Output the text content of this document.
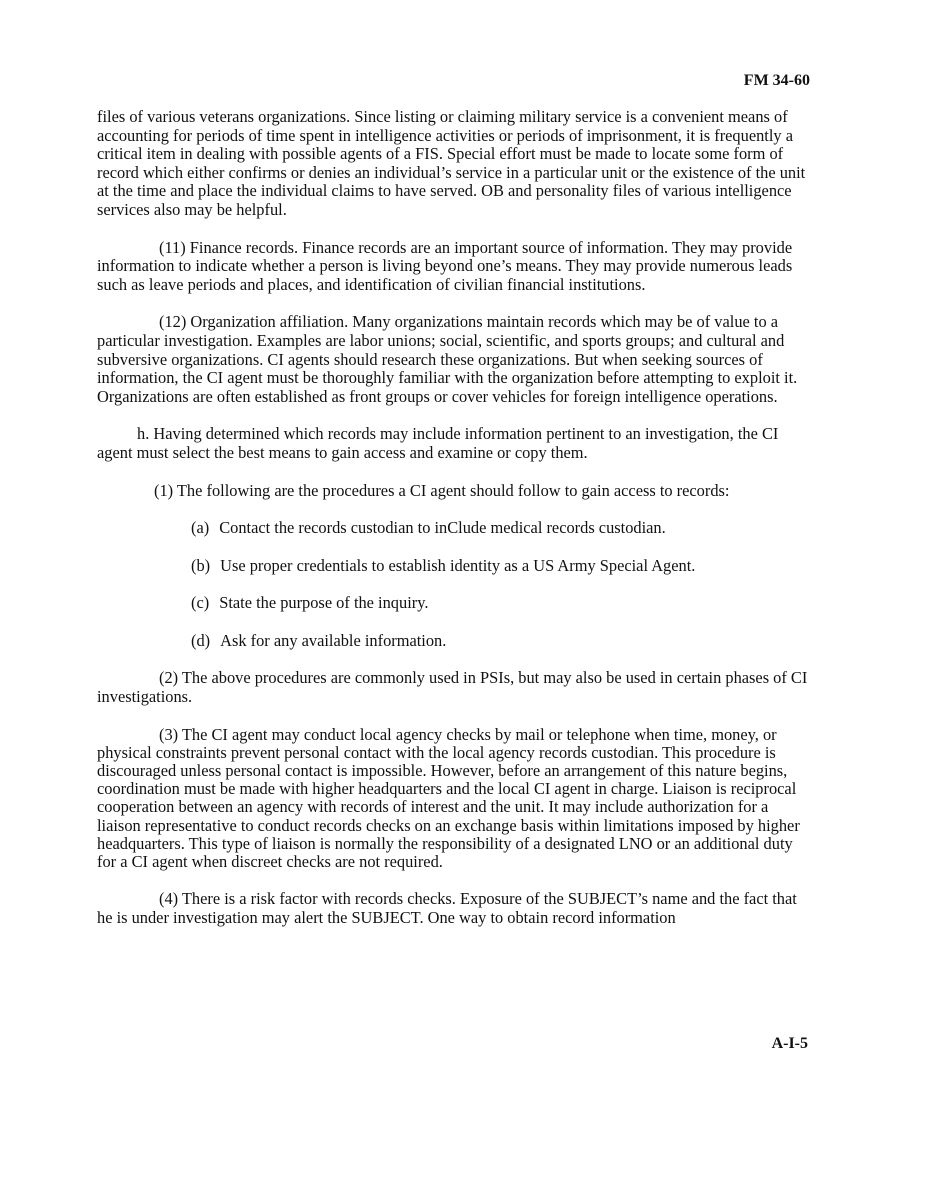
FM 34-60

files of various veterans organizations. Since listing or claiming military service is a convenient means of accounting for periods of time spent in intelligence activities or periods of imprisonment, it is frequently a critical item in dealing with possible agents of a FIS. Special effort must be made to locate some form of record which either confirms or denies an individual’s service in a particular unit or the existence of the unit at the time and place the individual claims to have served. OB and personality files of various intelligence services also may be helpful.

(11) Finance records. Finance records are an important source of information. They may provide information to indicate whether a person is living beyond one’s means. They may provide numerous leads such as leave periods and places, and identification of civilian financial institutions.

(12) Organization affiliation. Many organizations maintain records which may be of value to a particular investigation. Examples are labor unions; social, scientific, and sports groups; and cultural and subversive organizations. CI agents should research these organizations. But when seeking sources of information, the CI agent must be thoroughly familiar with the organization before attempting to exploit it. Organizations are often established as front groups or cover vehicles for foreign intelligence operations.

h. Having determined which records may include information pertinent to an investigation, the CI agent must select the best means to gain access and examine or copy them.

(1) The following are the procedures a CI agent should follow to gain access to records:

(a) Contact the records custodian to inClude medical records custodian.
(b) Use proper credentials to establish identity as a US Army Special Agent.
(c) State the purpose of the inquiry.
(d) Ask for any available information.

(2) The above procedures are commonly used in PSIs, but may also be used in certain phases of CI investigations.

(3) The CI agent may conduct local agency checks by mail or telephone when time, money, or physical constraints prevent personal contact with the local agency records custodian. This procedure is discouraged unless personal contact is impossible. However, before an arrangement of this nature begins, coordination must be made with higher headquarters and the local CI agent in charge. Liaison is reciprocal cooperation between an agency with records of interest and the unit. It may include authorization for a liaison representative to conduct records checks on an exchange basis within limitations imposed by higher headquarters. This type of liaison is normally the responsibility of a designated LNO or an additional duty for a CI agent when discreet checks are not required.

(4) There is a risk factor with records checks. Exposure of the SUBJECT’s name and the fact that he is under investigation may alert the SUBJECT. One way to obtain record information

A-I-5
